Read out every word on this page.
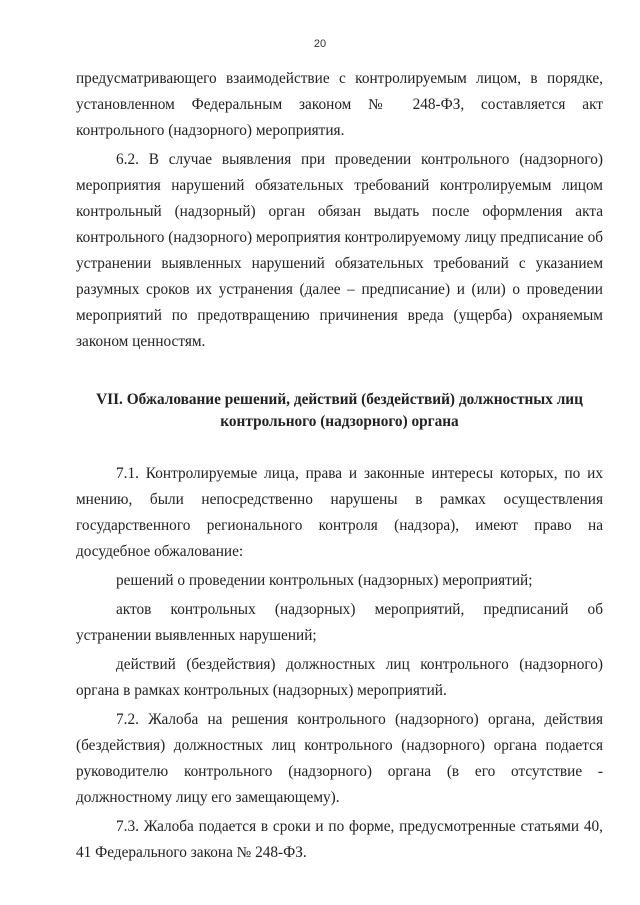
20

предусматривающего взаимодействие с контролируемым лицом, в порядке, установленном Федеральным законом № 248-ФЗ, составляется акт контрольного (надзорного) мероприятия.

6.2. В случае выявления при проведении контрольного (надзорного) мероприятия нарушений обязательных требований контролируемым лицом контрольный (надзорный) орган обязан выдать после оформления акта контрольного (надзорного) мероприятия контролируемому лицу предписание об устранении выявленных нарушений обязательных требований с указанием разумных сроков их устранения (далее – предписание) и (или) о проведении мероприятий по предотвращению причинения вреда (ущерба) охраняемым законом ценностям.

VII. Обжалование решений, действий (бездействий) должностных лиц
контрольного (надзорного) органа

7.1. Контролируемые лица, права и законные интересы которых, по их мнению, были непосредственно нарушены в рамках осуществления государственного регионального контроля (надзора), имеют право на досудебное обжалование:

решений о проведении контрольных (надзорных) мероприятий;

актов контрольных (надзорных) мероприятий, предписаний об устранении выявленных нарушений;

действий (бездействия) должностных лиц контрольного (надзорного) органа в рамках контрольных (надзорных) мероприятий.

7.2. Жалоба на решения контрольного (надзорного) органа, действия (бездействия) должностных лиц контрольного (надзорного) органа подается руководителю контрольного (надзорного) органа (в его отсутствие - должностному лицу его замещающему).

7.3. Жалоба подается в сроки и по форме, предусмотренные статьями 40, 41 Федерального закона № 248-ФЗ.
